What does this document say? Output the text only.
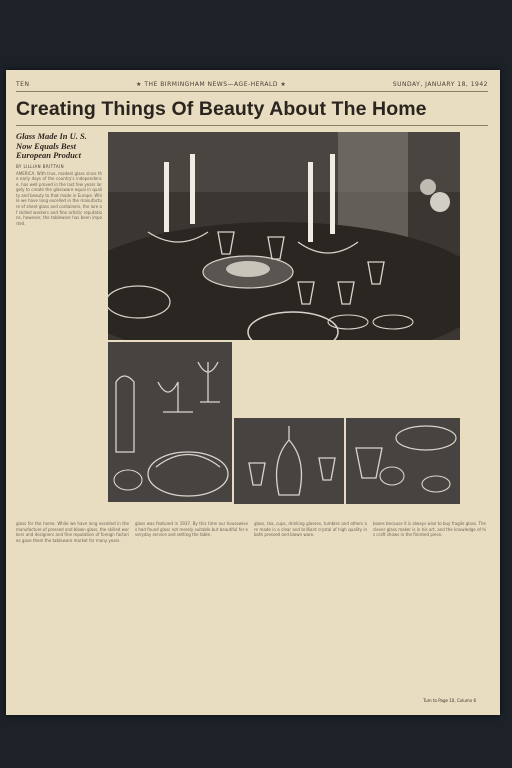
TEN	★ THE BIRMINGHAM NEWS—AGE-HERALD ★	SUNDAY, JANUARY 18, 1942
Creating Things Of Beauty About The Home
Glass Made In U. S. Now Equals Best European Product
BY LILLIAN BRITTAIN
AMERICA. With true, modest glass since the early days of the country's independence, has well proved in the last few years largely to create the glassware equal in quality and beauty to that made in Europe. While we have long excelled in the manufacture of sheet glass and containers, the lure of skilled workers and fine artistic reputations, however, the tableware has been imported.
glass for the home. While we have long excelled in the manufacture of pressed and blown glass, the skilled workers and designers and fine reputation of foreign factories gave them the tableware market for many years.
glass was featured in 1937. By this time our housewives had found glass not merely suitable but beautiful for everyday service and setting the table.
glass, tea, cups, drinking glasses, tumbles and others are made in a clear and brilliant crystal of high quality in both pressed and blown ware.
boxes because it is always wise to buy fragile glass. The clever glass maker is in his art, and the knowledge of his craft shows in the finished piece.
Turn to Page 10, Column 6
